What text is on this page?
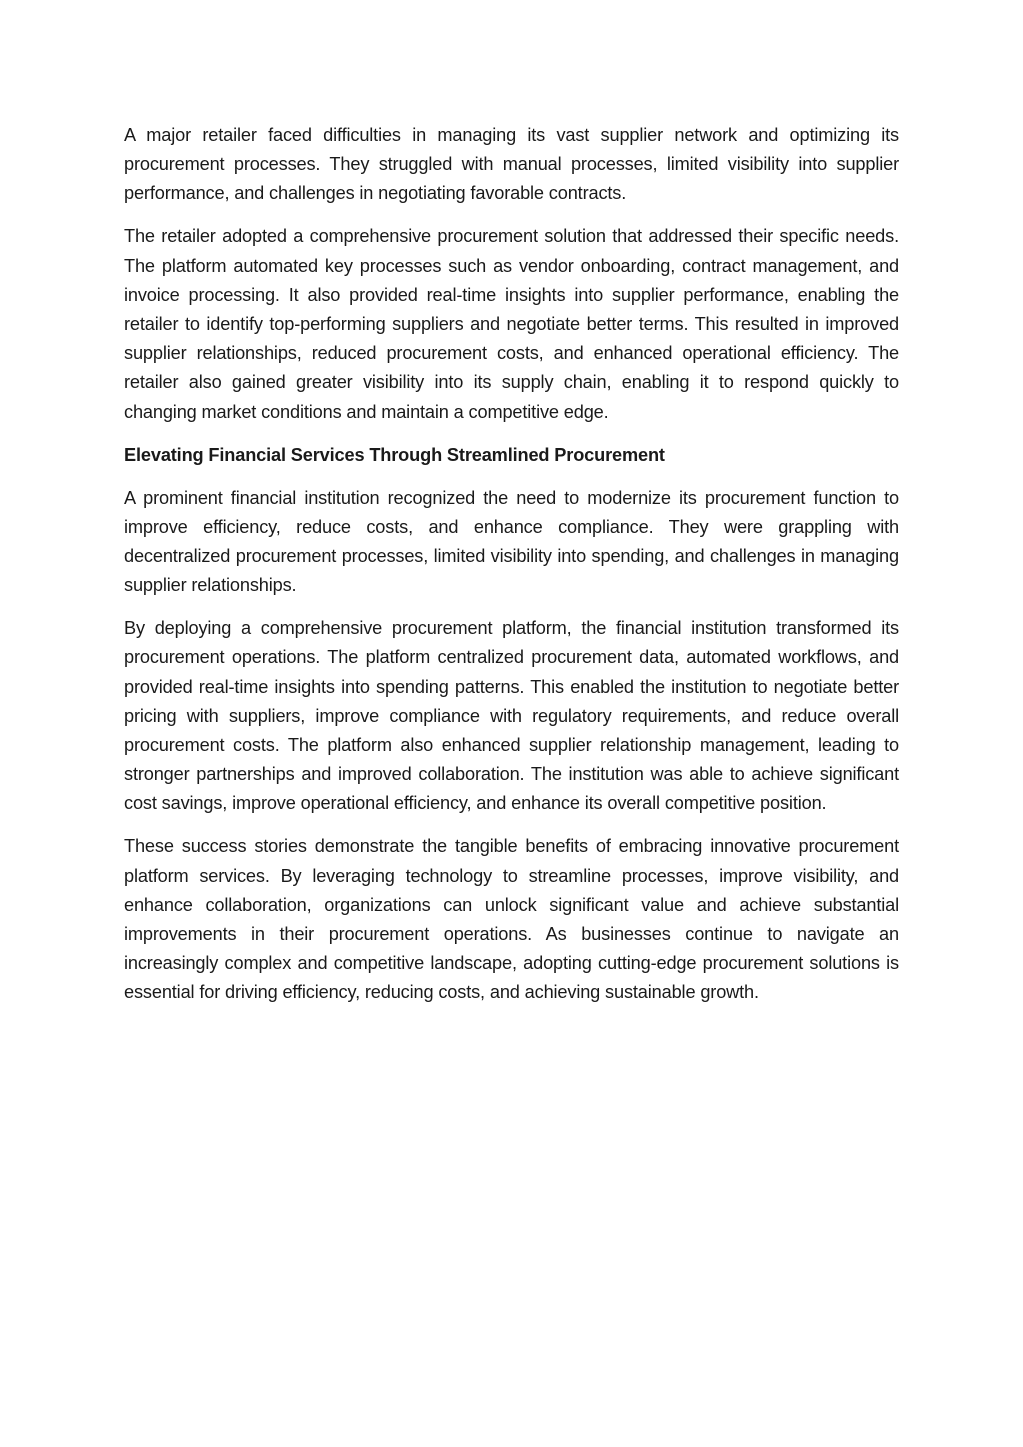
A major retailer faced difficulties in managing its vast supplier network and optimizing its procurement processes. They struggled with manual processes, limited visibility into supplier performance, and challenges in negotiating favorable contracts.

The retailer adopted a comprehensive procurement solution that addressed their specific needs. The platform automated key processes such as vendor onboarding, contract management, and invoice processing. It also provided real-time insights into supplier performance, enabling the retailer to identify top-performing suppliers and negotiate better terms. This resulted in improved supplier relationships, reduced procurement costs, and enhanced operational efficiency. The retailer also gained greater visibility into its supply chain, enabling it to respond quickly to changing market conditions and maintain a competitive edge.

Elevating Financial Services Through Streamlined Procurement

A prominent financial institution recognized the need to modernize its procurement function to improve efficiency, reduce costs, and enhance compliance. They were grappling with decentralized procurement processes, limited visibility into spending, and challenges in managing supplier relationships.

By deploying a comprehensive procurement platform, the financial institution transformed its procurement operations. The platform centralized procurement data, automated workflows, and provided real-time insights into spending patterns. This enabled the institution to negotiate better pricing with suppliers, improve compliance with regulatory requirements, and reduce overall procurement costs. The platform also enhanced supplier relationship management, leading to stronger partnerships and improved collaboration. The institution was able to achieve significant cost savings, improve operational efficiency, and enhance its overall competitive position.

These success stories demonstrate the tangible benefits of embracing innovative procurement platform services. By leveraging technology to streamline processes, improve visibility, and enhance collaboration, organizations can unlock significant value and achieve substantial improvements in their procurement operations. As businesses continue to navigate an increasingly complex and competitive landscape, adopting cutting-edge procurement solutions is essential for driving efficiency, reducing costs, and achieving sustainable growth.
